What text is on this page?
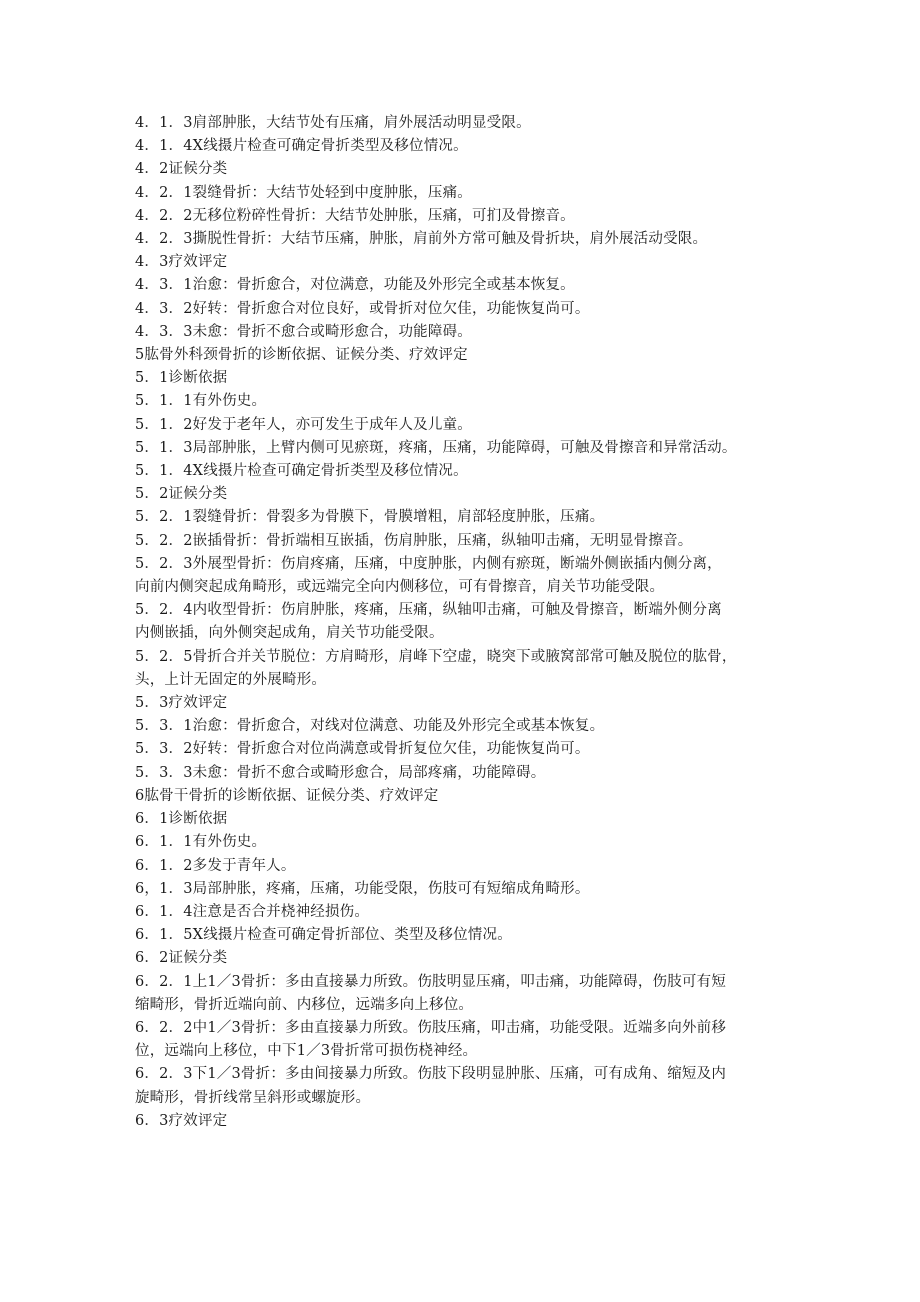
4．1．3肩部肿胀，大结节处有压痛，肩外展活动明显受限。
4．1．4X线摄片检查可确定骨折类型及移位情况。
4．2证候分类
4．2．1裂缝骨折：大结节处轻到中度肿胀，压痛。
4．2．2无移位粉碎性骨折：大结节处肿胀，压痛，可扪及骨擦音。
4．2．3撕脱性骨折：大结节压痛，肿胀，肩前外方常可触及骨折块，肩外展活动受限。
4．3疗效评定
4．3．1治愈：骨折愈合，对位满意，功能及外形完全或基本恢复。
4．3．2好转：骨折愈合对位良好，或骨折对位欠佳，功能恢复尚可。
4．3．3未愈：骨折不愈合或畸形愈合，功能障碍。
5肱骨外科颈骨折的诊断依据、证候分类、疗效评定
5．1诊断依据
5．1．1有外伤史。
5．1．2好发于老年人，亦可发生于成年人及儿童。
5．1．3局部肿胀，上臂内侧可见瘀斑，疼痛，压痛，功能障碍，可触及骨擦音和异常活动。
5．1．4X线摄片检查可确定骨折类型及移位情况。
5．2证候分类
5．2．1裂缝骨折：骨裂多为骨膜下，骨膜增粗，肩部轻度肿胀，压痛。
5．2．2嵌插骨折：骨折端相互嵌插，伤肩肿胀，压痛，纵轴叩击痛，无明显骨擦音。
5．2．3外展型骨折：伤肩疼痛，压痛，中度肿胀，内侧有瘀斑，断端外侧嵌插内侧分离，
向前内侧突起成角畸形，或远端完全向内侧移位，可有骨擦音，肩关节功能受限。
5．2．4内收型骨折：伤肩肿胀，疼痛，压痛，纵轴叩击痛，可触及骨擦音，断端外侧分离
内侧嵌插，向外侧突起成角，肩关节功能受限。
5．2．5骨折合并关节脱位：方肩畸形，肩峰下空虚，晓突下或腋窝部常可触及脱位的肱骨，
头，上计无固定的外展畸形。
5．3疗效评定
5．3．1治愈：骨折愈合，对线对位满意、功能及外形完全或基本恢复。
5．3．2好转：骨折愈合对位尚满意或骨折复位欠佳，功能恢复尚可。
5．3．3未愈：骨折不愈合或畸形愈合，局部疼痛，功能障碍。
6肱骨干骨折的诊断依据、证候分类、疗效评定
6．1诊断依据
6．1．1有外伤史。
6．1．2多发于青年人。
6，1．3局部肿胀，疼痛，压痛，功能受限，伤肢可有短缩成角畸形。
6．1．4注意是否合并桡神经损伤。
6．1．5X线摄片检查可确定骨折部位、类型及移位情况。
6．2证候分类
6．2．1上1／3骨折：多由直接暴力所致。伤肢明显压痛，叩击痛，功能障碍，伤肢可有短
缩畸形，骨折近端向前、内移位，远端多向上移位。
6．2．2中1／3骨折：多由直接暴力所致。伤肢压痛，叩击痛，功能受限。近端多向外前移
位，远端向上移位，中下1／3骨折常可损伤桡神经。
6．2．3下1／3骨折：多由间接暴力所致。伤肢下段明显肿胀、压痛，可有成角、缩短及内
旋畸形，骨折线常呈斜形或螺旋形。
6．3疗效评定
